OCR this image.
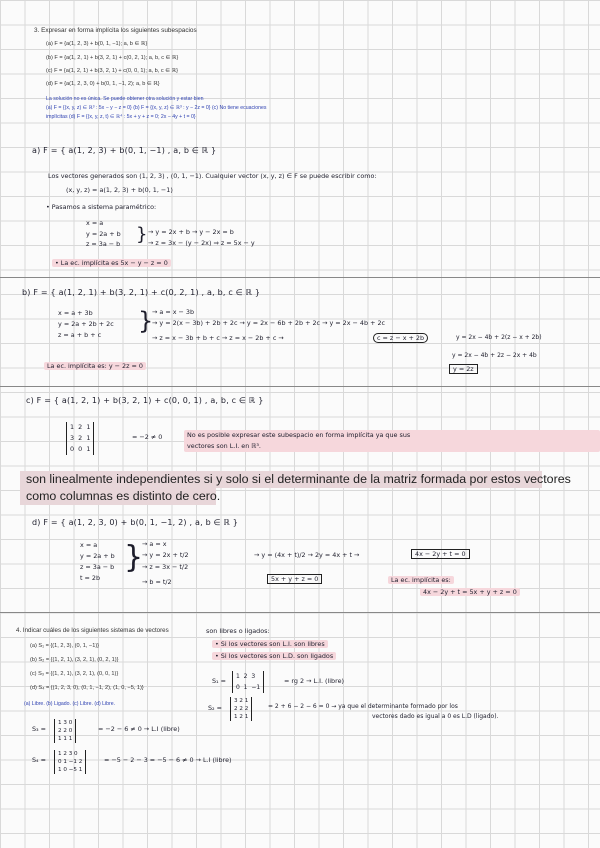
3. Expresar en forma implícita los siguientes subespacios
(a) F = {a(1, 2, 3) + b(0, 1, −1); a, b ∈ ℝ}
(b) F = {a(1, 2, 1) + b(3, 2, 1) + c(0, 2, 1); a, b, c ∈ ℝ}
(c) F = {a(1, 2, 1) + b(3, 2, 1) + c(0, 0, 1); a, b, c ∈ ℝ}
(d) F = {a(1, 2, 3, 0) + b(0, 1, −1, 2); a, b ∈ ℝ}
La solución no es única. Se puede obtener otra solución y estar bien
(a) F = {(x, y, z) ∈ ℝ³ : 5x − y − z = 0} (b) F = {(x, y, z) ∈ ℝ³ : y − 2z = 0} (c) No tiene ecuaciones
implícitas (d) F = {(x, y, z, t) ∈ ℝ⁴ : 5x + y + z = 0; 2x − 4y + t = 0}
a) F = { a(1, 2, 3) + b(0, 1, −1) , a, b ∈ ℝ }
Los vectores generados son (1, 2, 3) , (0, 1, −1). Cualquier vector (x, y, z) ∈ F se puede escribir como:
(x, y, z) = a(1, 2, 3) + b(0, 1, −1)
• Pasamos a sistema paramétrico:
x = a
y = 2a + b
z = 3a − b } → y = 2x + b → y − 2x = b
→ z = 3x − (y − 2x) ⇒ z = 5x − y
• La ec. implícita es 5x − y − z = 0
b) F = { a(1, 2, 1) + b(3, 2, 1) + c(0, 2, 1) , a, b, c ∈ ℝ }
x = a + 3b
y = 2a + 2b + 2c
z = a + b + c	}
→ a = x − 3b
→ y = 2(x − 3b) + 2b + 2c → y = 2x − 6b + 2b + 2c → y = 2x − 4b + 2c
→ z = x − 3b + b + c → z = x − 2b + c →	c = z − x + 2b	y = 2x − 4b + 2(z − x + 2b)
y = 2x − 4b + 2z − 2x + 4b
y = 2z
La ec. implícita es: y − 2z = 0
c) F = { a(1, 2, 1) + b(3, 2, 1) + c(0, 0, 1) , a, b, c ∈ ℝ }
1 2 1
3 2 1
0 0 1
= −2 ≠ 0	No es posible expresar este subespacio en forma implícita ya que sus
vectores son L.I. en ℝ³.
son linealmente independientes si y solo si el determinante de la matriz formada por estos vectores
como columnas es distinto de cero.
d) F = { a(1, 2, 3, 0) + b(0, 1, −1, 2) , a, b ∈ ℝ }
x = a
y = 2a + b
z = 3a − b
t = 2b
}
→ a = x
→ y = 2x + t/2
→ z = 3x − t/2
→ b = t/2
→ y = (4x + t)/2 → 2y = 4x + t →	4x − 2y + t = 0
5x + y + z = 0	La ec. implícita es:
4x − 2y + t = 5x + y + z = 0
4. Indicar cuáles de los siguientes sistemas de vectores	son libres o ligados:
(a) S₁ = {(1, 2, 3), (0, 1, −1)}
(b) S₂ = {(1, 2, 1), (3, 2, 1), (0, 2, 1)}
(c) S₃ = {(1, 2, 1), (3, 2, 1), (0, 0, 1)}
(d) S₄ = {(1, 2, 3, 0), (0, 1, −1, 2), (1, 0, −5, 1)}
(a) Libre. (b) Ligado. (c) Libre. (d) Libre.
• Si los vectores son L.I. son libres
• Si los vectores son L.D. son ligados
S₁ =
1 2 3
0 1 −1
= rg 2 → L.I. (libre)
S₂ =
3 2 1
2 2 2
1 2 1
= 2 + 6 − 2 − 6 = 0 → ya que el determinante formado por los
vectores dado es igual a 0 es L.D (ligado).
S₃ =
1 3 0
2 2 0
1 1 1
= −2 − 6 ≠ 0 → L.I (libre)
S₄ =
1 2 3 0
0 1 −1 2
1 0 −5 1
= −5 − 2 − 3 = −5 − 6 ≠ 0 → L.I (libre)
